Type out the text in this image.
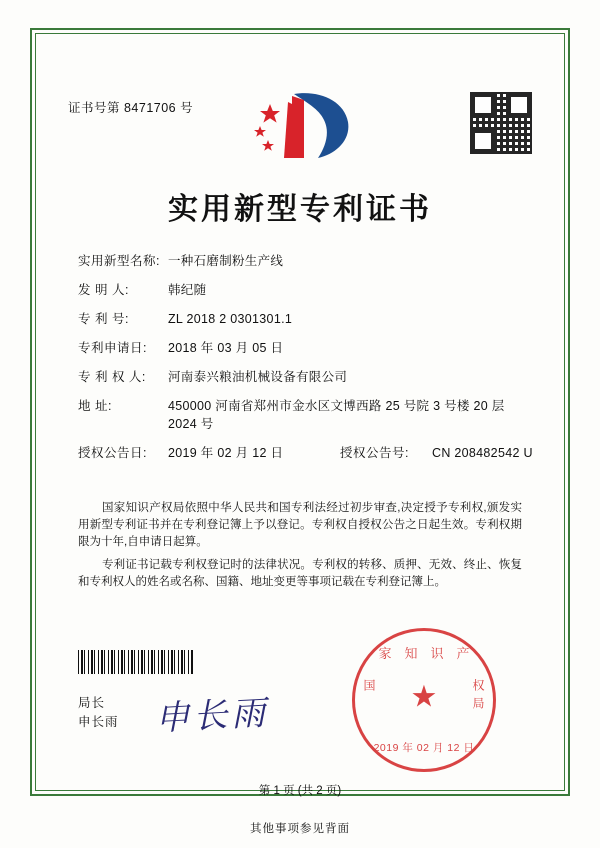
证书号第 8471706 号
实用新型专利证书
实用新型名称: 一种石磨制粉生产线
发 明 人:	韩纪随
专 利 号:	ZL 2018 2 0301301.1
专利申请日:	2018 年 03 月 05 日
专 利 权 人:	河南泰兴粮油机械设备有限公司
地 址:	450000 河南省郑州市金水区文博西路 25 号院 3 号楼 20 层 2024 号
授权公告日:	2019 年 02 月 12 日	授权公告号:	CN 208482542 U

国家知识产权局依照中华人民共和国专利法经过初步审查,决定授予专利权,颁发实用新型专利证书并在专利登记簿上予以登记。专利权自授权公告之日起生效。专利权期限为十年,自申请日起算。

专利证书记载专利权登记时的法律状况。专利权的转移、质押、无效、终止、恢复和专利权人的姓名或名称、国籍、地址变更等事项记载在专利登记簿上。

局长
申长雨 申长雨
家知识产
国	权局
★
2019 年 02 月 12 日
第 1 页 (共 2 页)
其他事项参见背面
